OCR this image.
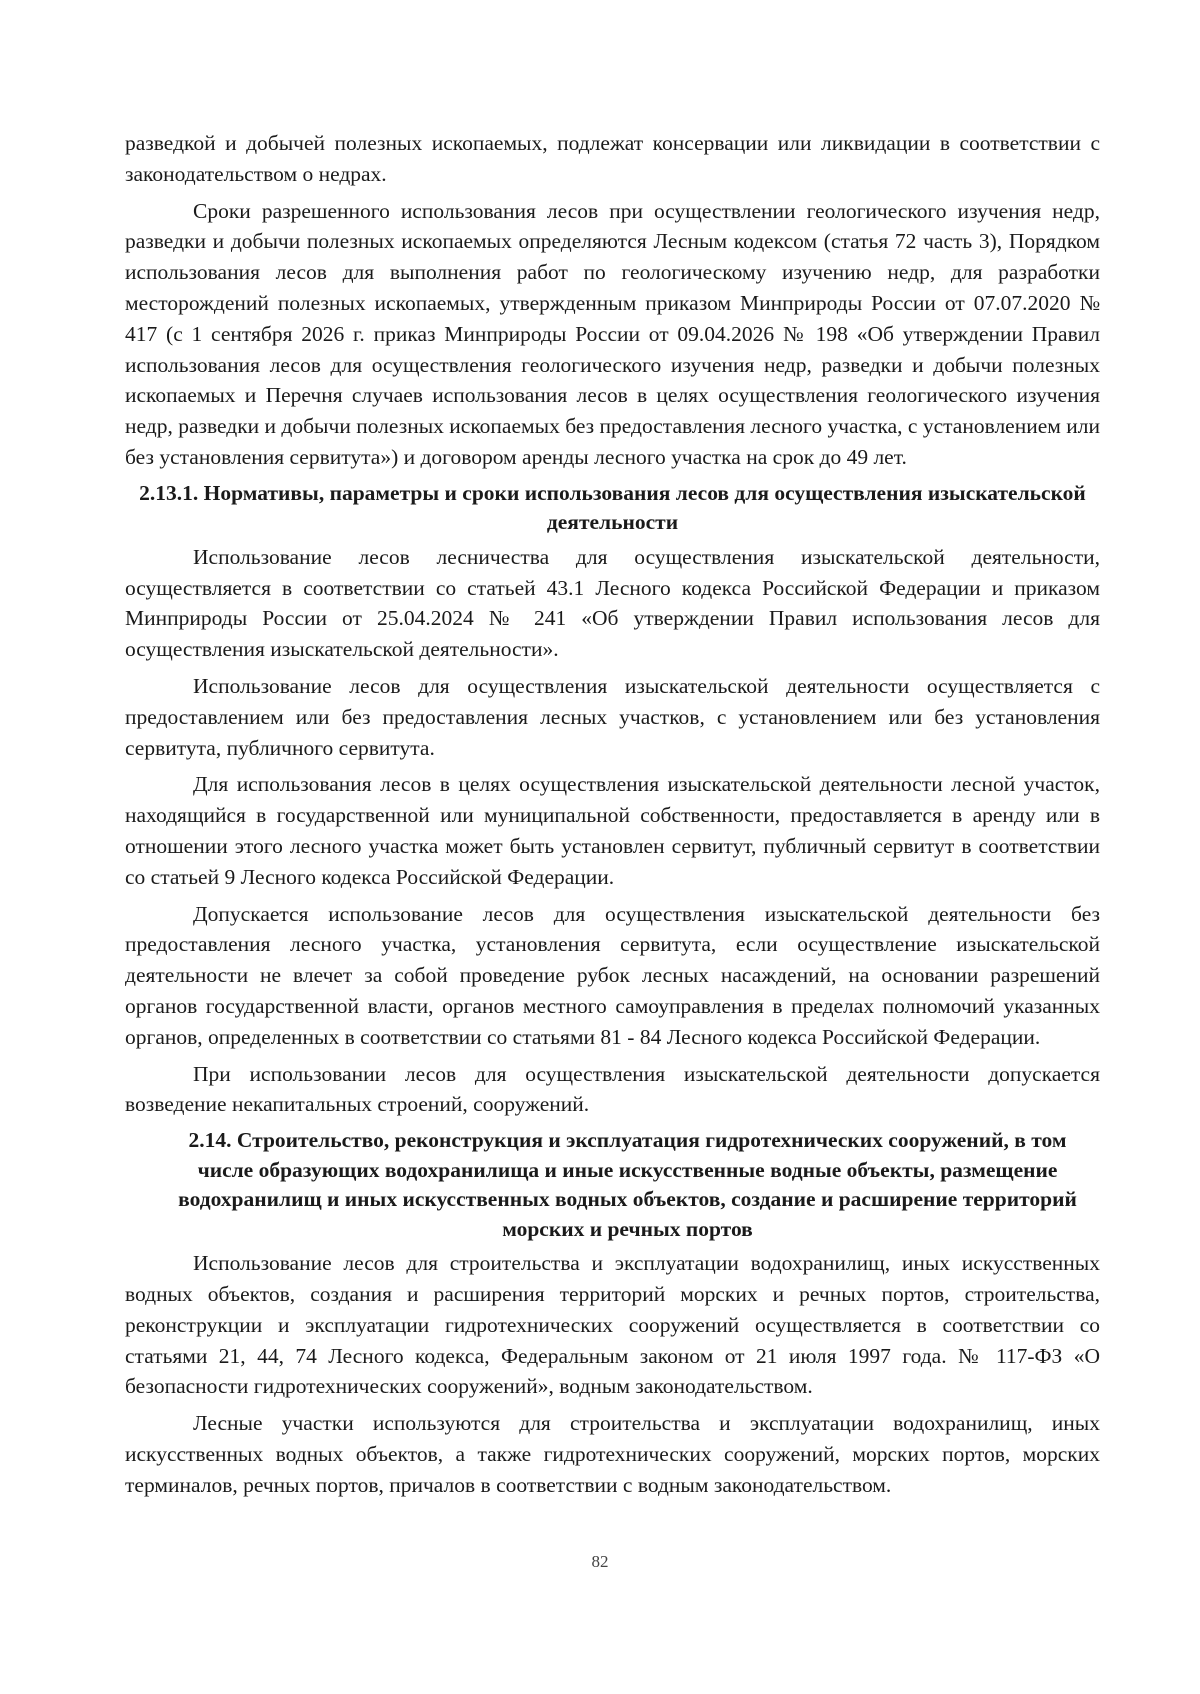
разведкой и добычей полезных ископаемых, подлежат консервации или ликвидации в соответствии с законодательством о недрах.

Сроки разрешенного использования лесов при осуществлении геологического изучения недр, разведки и добычи полезных ископаемых определяются Лесным кодексом (статья 72 часть 3), Порядком использования лесов для выполнения работ по геологическому изучению недр, для разработки месторождений полезных ископаемых, утвержденным приказом Минприроды России от 07.07.2020 № 417 (с 1 сентября 2026 г. приказ Минприроды России от 09.04.2026 № 198 «Об утверждении Правил использования лесов для осуществления геологического изучения недр, разведки и добычи полезных ископаемых и Перечня случаев использования лесов в целях осуществления геологического изучения недр, разведки и добычи полезных ископаемых без предоставления лесного участка, с установлением или без установления сервитута») и договором аренды лесного участка на срок до 49 лет.

2.13.1. Нормативы, параметры и сроки использования лесов для осуществления изыскательской деятельности

Использование лесов лесничества для осуществления изыскательской деятельности, осуществляется в соответствии со статьей 43.1 Лесного кодекса Российской Федерации и приказом Минприроды России от 25.04.2024 № 241 «Об утверждении Правил использования лесов для осуществления изыскательской деятельности».

Использование лесов для осуществления изыскательской деятельности осуществляется с предоставлением или без предоставления лесных участков, с установлением или без установления сервитута, публичного сервитута.

Для использования лесов в целях осуществления изыскательской деятельности лесной участок, находящийся в государственной или муниципальной собственности, предоставляется в аренду или в отношении этого лесного участка может быть установлен сервитут, публичный сервитут в соответствии со статьей 9 Лесного кодекса Российской Федерации.

Допускается использование лесов для осуществления изыскательской деятельности без предоставления лесного участка, установления сервитута, если осуществление изыскательской деятельности не влечет за собой проведение рубок лесных насаждений, на основании разрешений органов государственной власти, органов местного самоуправления в пределах полномочий указанных органов, определенных в соответствии со статьями 81 - 84 Лесного кодекса Российской Федерации.

При использовании лесов для осуществления изыскательской деятельности допускается возведение некапитальных строений, сооружений.

2.14. Строительство, реконструкция и эксплуатация гидротехнических сооружений, в том числе образующих водохранилища и иные искусственные водные объекты, размещение водохранилищ и иных искусственных водных объектов, создание и расширение территорий морских и речных портов

Использование лесов для строительства и эксплуатации водохранилищ, иных искусственных водных объектов, создания и расширения территорий морских и речных портов, строительства, реконструкции и эксплуатации гидротехнических сооружений осуществляется в соответствии со статьями 21, 44, 74 Лесного кодекса, Федеральным законом от 21 июля 1997 года. № 117-ФЗ «О безопасности гидротехнических сооружений», водным законодательством.

Лесные участки используются для строительства и эксплуатации водохранилищ, иных искусственных водных объектов, а также гидротехнических сооружений, морских портов, морских терминалов, речных портов, причалов в соответствии с водным законодательством.

82
